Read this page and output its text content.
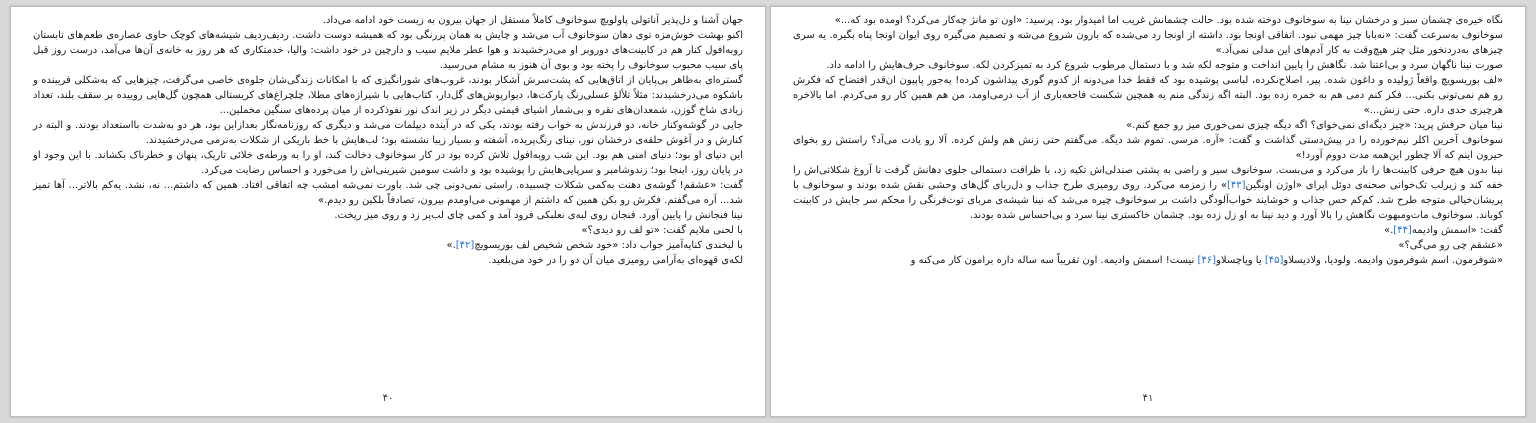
جهان آشنا و دل‌پذیر آناتولی پاولویچ سوخانوف کاملاً مستقل از جهان بیرون به زیست خود ادامه می‌داد.

اکنو بهشت خوش‌مزه توی دهان سوخانوف آب می‌شد و چایش به همان پررنگی بود که همیشه دوست داشت. ردیف‌ردیف شیشه‌های کوچک حاوی عصاره‌ی طعم‌های تابستان روبه‌افول کنار هم در کابینت‌های دوروبر او می‌درخشیدند و هوا عطر ملایم سیب و دارچین در خود داشت: والیا، خدمتکاری که هر روز به خانه‌ی آن‌ها می‌آمد، درست روز قبل پای سیب محبوب سوخانوف را پخته بود و بوی آن هنوز به مشام می‌رسید.

گستره‌ای به‌ظاهر بی‌پایان از اتاق‌هایی که پشت‌سرش آشکار بودند، غروب‌های شورانگیزی که با امکانات زندگی‌شان جلوه‌ی خاصی می‌گرفت، چیزهایی که به‌شکلی فریبنده و باشکوه می‌درخشیدند: مثلاً تلألؤ عسلی‌رنگ پارکت‌ها، دیوارپوش‌های گل‌دار، کتاب‌هایی با شیرازه‌های مطلا، چلچراغ‌های کریستالی همچون گل‌هایی روییده بر سقف بلند، تعداد زیادی شاخ گوزن، شمعدان‌های نقره و بی‌شمار اشیای قیمتی دیگر در زیر اندک نور نفوذکرده از میان پرده‌های سنگین مخملین...

جایی در گوشه‌وکنار خانه، دو فرزندش به خواب رفته بودند، یکی که در آینده دیپلمات می‌شد و دیگری که روزنامه‌نگار بعدازاین بود، هر دو به‌شدت بااستعداد بودند. و البته در کنارش و در آغوش حلقه‌ی درخشان نور، نینای رنگ‌پریده، آشفته و بسیار زیبا نشسته بود؛ لب‌هایش با خط باریکی از شکلات به‌نرمی می‌درخشیدند.

این دنیای او بود؛ دنیای امنی هم بود. این شب روبه‌افول تلاش کرده بود در کار سوخانوف دخالت کند، او را به ورطه‌ی خلائی تاریک، پنهان و خطرناک بکشاند. با این وجود او در پایان روز، اینجا بود؛ زندوشامبر و سرپایی‌هایش را پوشیده بود و داشت سومین شیرینی‌اش را می‌خورد و احساس رضایت می‌کرد.

گفت: «عشقم! گوشه‌ی دهنت به‌کمی شکلات چسبیده. راستی نمی‌دونی چی شد. باورت نمی‌شه امشب چه اتفاقی افتاد. همین که داشتم... نه، نشد. یه‌کم بالاتر... آها تمیز شد... آره می‌گفتم. فکرش رو بکن همین که داشتم از مهمونی می‌اومدم بیرون، تصادفاً بلکین رو دیدم.»

نینا فنجانش را پایین آورد. فنجان روی لبه‌ی نعلبکی فرود آمد و کمی چای لب‌پر زد و روی میز ریخت.

با لحنی ملایم گفت: «تو لف رو دیدی؟»

با لبخندی کنایه‌آمیز جواب داد: «خود شخص شخیص لف بوریسویچ[۴۲].»

لکه‌ی قهوه‌ای به‌آرامی رومیزی میان آن دو را در خود می‌بلعید.

۴۰

نگاه خیره‌ی چشمان سبز و درخشان نینا به سوخانوف دوخته شده بود. حالت چشمانش غریب اما امیدوار بود. پرسید: «اون تو مانژ چه‌کار می‌کرد؟ اومده بود که...»

سوخانوف به‌سرعت گفت: «نه‌بابا چیز مهمی نبود. اتفاقی اونجا بود. داشته از اونجا رد می‌شده که بارون شروع می‌شه و تصمیم می‌گیره روی ایوان اونجا پناه بگیره. یه سری چیزهای به‌دردنخور مثل چتر هیچ‌وقت به کار آدم‌های این مدلی نمی‌آد.»

صورت نینا ناگهان سرد و بی‌اعتنا شد. نگاهش را پایین انداخت و متوجه لکه شد و با دستمال مرطوب شروع کرد به تمیزکردن لکه. سوخانوف حرف‌هایش را ادامه داد.

«لف بوریسویچ واقعاً ژولیده و داغون شده. پیر، اصلاح‌نکرده، لباسی پوشیده بود که فقط خدا می‌دونه از کدوم گوری پیداشون کرده! یه‌جور پاپیون ان‌قدر افتضاح که فکرش رو هم نمی‌تونی بکنی... فکر کنم دمی هم به خمره زده بود. البته اگه زندگی منم یه همچین شکست فاجعه‌باری از آب درمی‌اومد، من هم همین کار رو می‌کردم. اما بالاخره هرچیزی حدی داره. حتی زنش...»

نینا میان حرفش پرید: «چیز دیگه‌ای نمی‌خوای؟ اگه دیگه چیزی نمی‌خوری میز رو جمع کنم.»

سوخانوف آخرین اکلر نیم‌خورده را در پیش‌دستی گذاشت و گفت: «آره. مرسی. تموم شد دیگه. می‌گفتم حتی زنش هم ولش کرده. آلا رو یادت می‌آد؟ راستش رو بخوای حیرون اینم که آلا چطور این‌همه مدت دووم آورد!»

نینا بدون هیچ حرفی کابینت‌ها را باز می‌کرد و می‌بست. سوخانوف سیر و راضی به پشتی صندلی‌اش تکیه زد، با ظرافت دستمالی جلوی دهانش گرفت تا آروغ شکلاتی‌اش را خفه کند و زیرلب تک‌خوانی صحنه‌ی دوئل اپرای «اوژن اونگین[۴۳]» را زمزمه می‌کرد. روی رومیزی طرح جذاب و دل‌ربای گل‌های وحشی نقش شده بودند و سوخانوف با پریشان‌خیالی متوجه طرح شد. کم‌کم حس جذاب و خوشایند خواب‌آلودگی داشت بر سوخانوف چیره می‌شد که نینا شیشه‌ی مربای توت‌فرنگی را محکم سر جایش در کابینت کوباند. سوخانوف مات‌ومبهوت نگاهش را بالا آورد و دید نینا به او زل زده بود. چشمان خاکستری نینا سرد و بی‌احساس شده بودند.

گفت: «اسمش وادیمه[۴۴].»

«عشقم چی رو می‌گی؟»

«شوفرمون. اسم شوفرمون وادیمه. ولودیا، ولادیسلاو[۴۵] یا ویاچسلاو[۴۶] نیست! اسمش وادیمه. اون تقریباً سه ساله داره برامون کار می‌کنه و

۴۱
